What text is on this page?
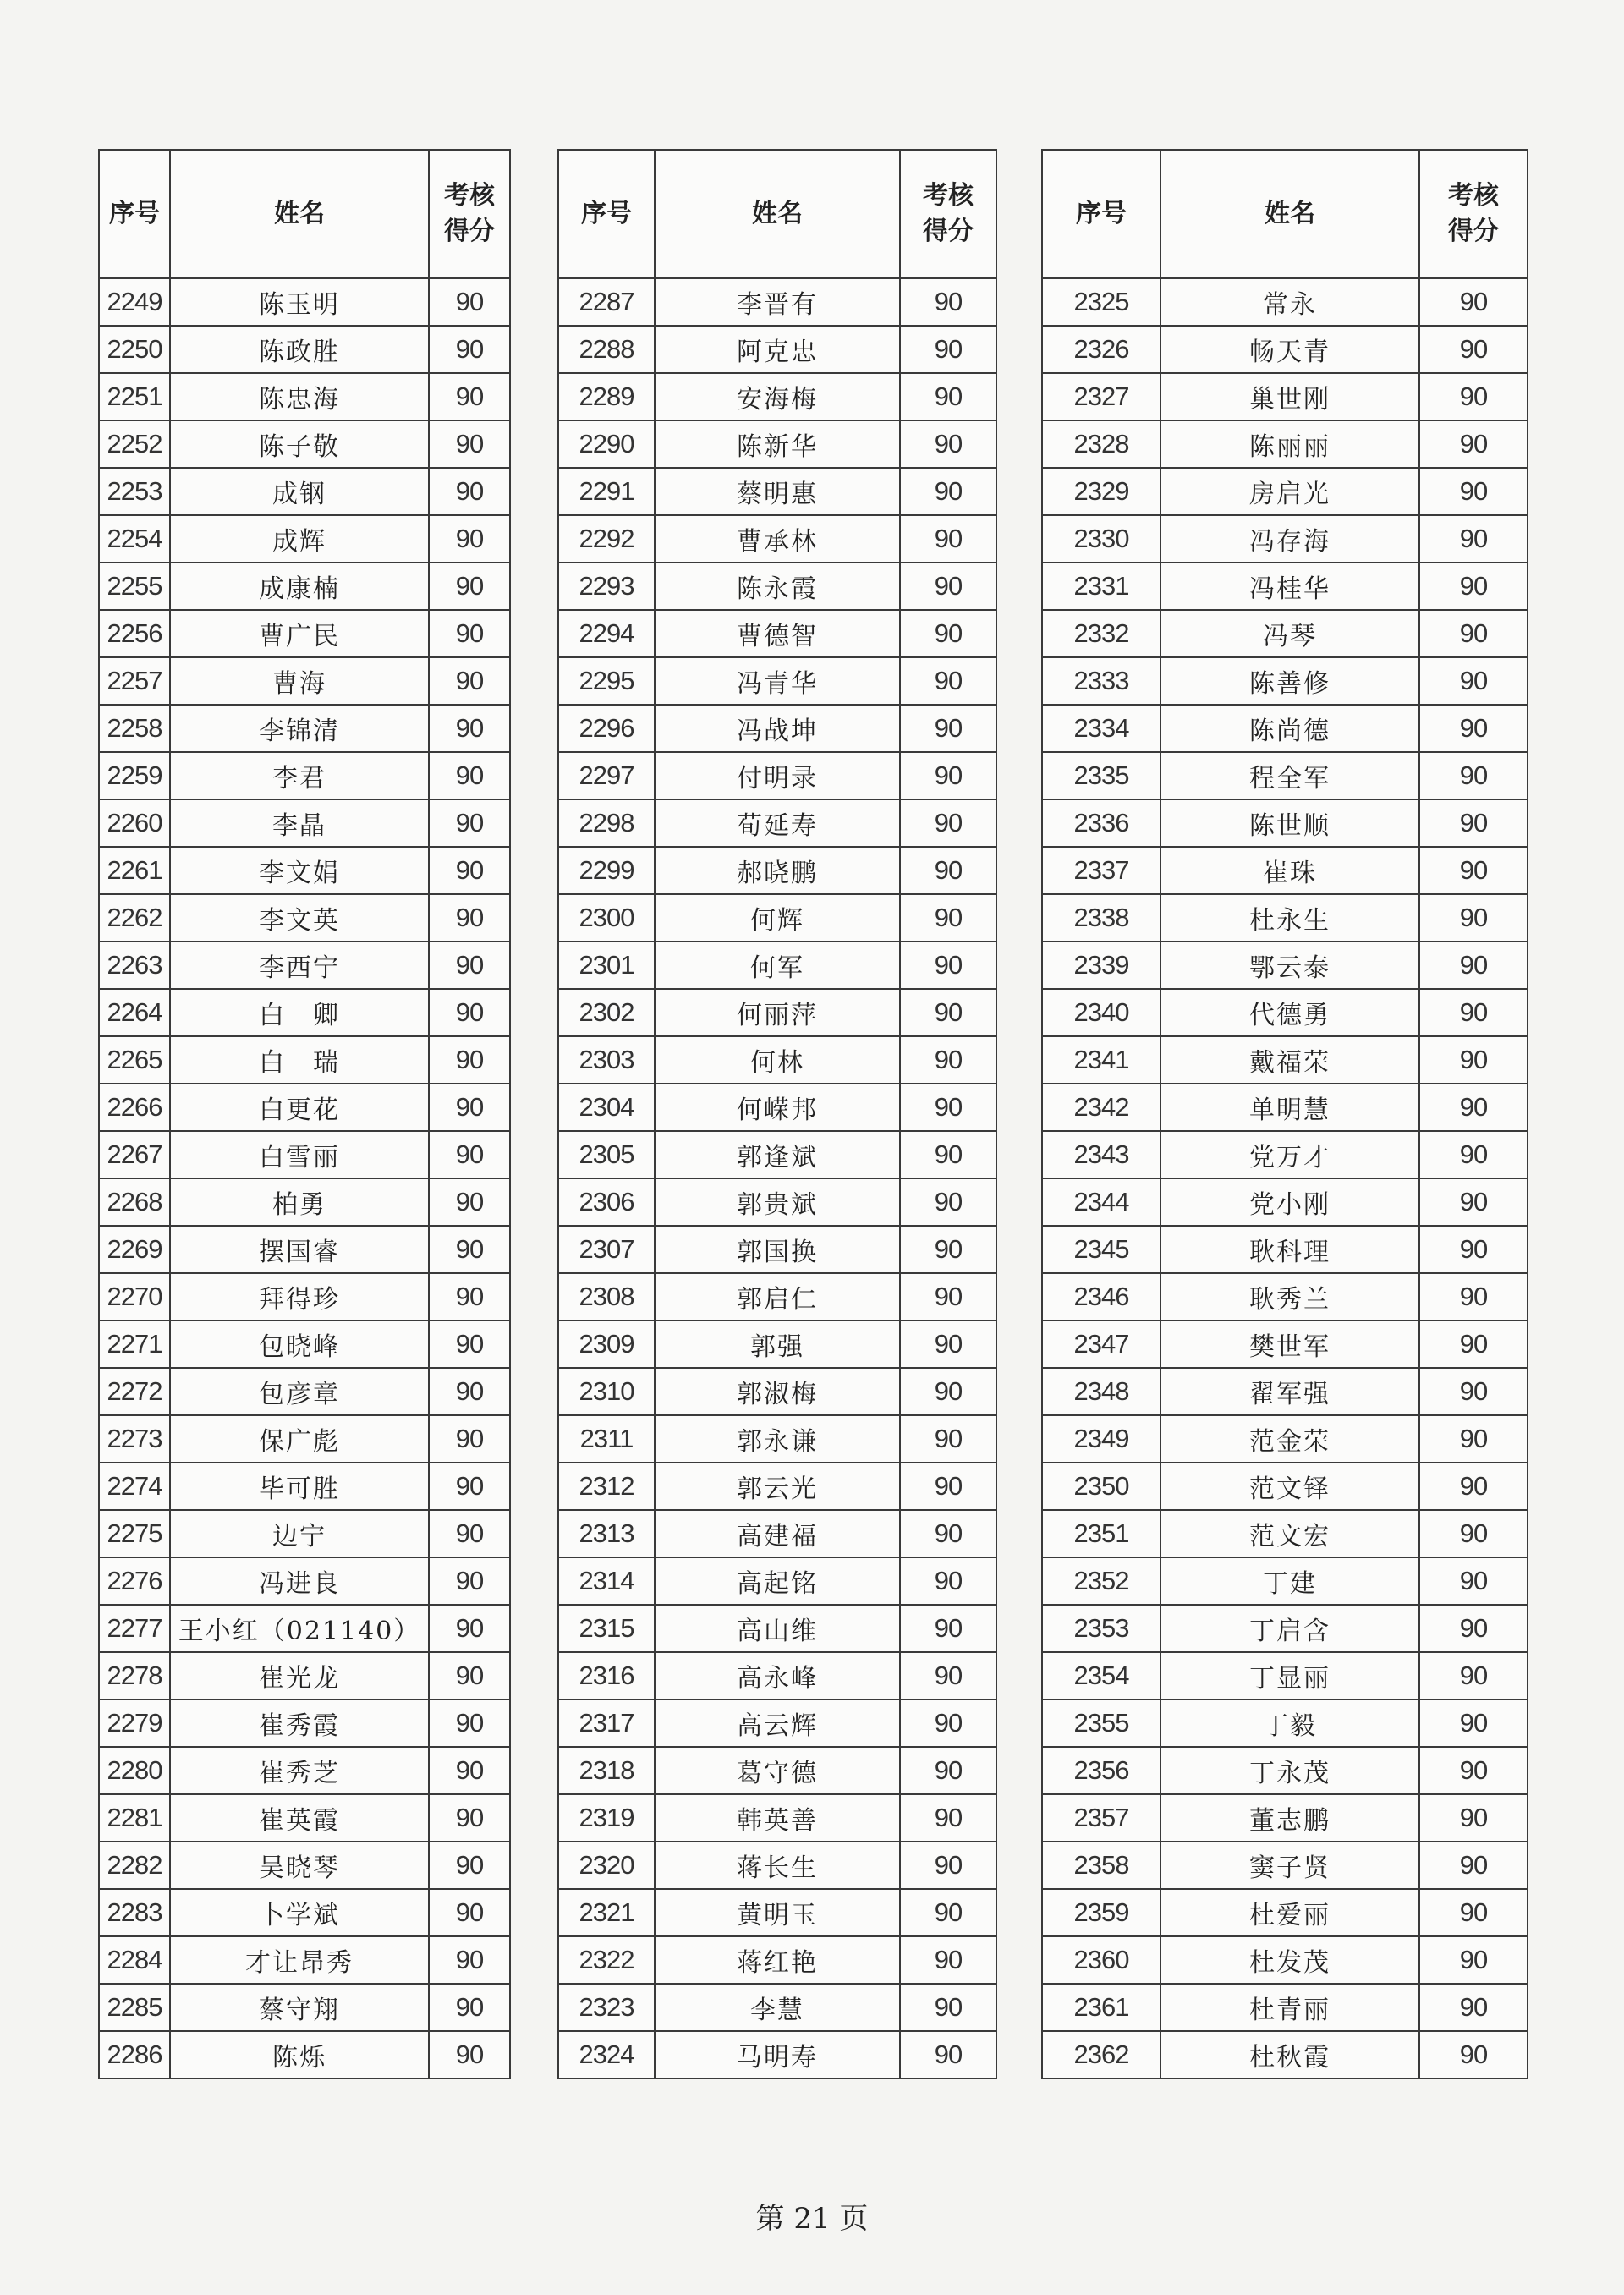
序号	姓名	考核
得分
2249	陈玉明	90
2250	陈政胜	90
2251	陈忠海	90
2252	陈子敬	90
2253	成钢	90
2254	成辉	90
2255	成康楠	90
2256	曹广民	90
2257	曹海	90
2258	李锦清	90
2259	李君	90
2260	李晶	90
2261	李文娟	90
2262	李文英	90
2263	李西宁	90
2264	白　卿	90
2265	白　瑞	90
2266	白更花	90
2267	白雪丽	90
2268	柏勇	90
2269	摆国睿	90
2270	拜得珍	90
2271	包晓峰	90
2272	包彦章	90
2273	保广彪	90
2274	毕可胜	90
2275	边宁	90
2276	冯进良	90
2277	王小红（021140）	90
2278	崔光龙	90
2279	崔秀霞	90
2280	崔秀芝	90
2281	崔英霞	90
2282	吴晓琴	90
2283	卜学斌	90
2284	才让昂秀	90
2285	蔡守翔	90
2286	陈烁	90
序号	姓名	考核
得分
2287	李晋有	90
2288	阿克忠	90
2289	安海梅	90
2290	陈新华	90
2291	蔡明惠	90
2292	曹承林	90
2293	陈永霞	90
2294	曹德智	90
2295	冯青华	90
2296	冯战坤	90
2297	付明录	90
2298	荀延寿	90
2299	郝晓鹏	90
2300	何辉	90
2301	何军	90
2302	何丽萍	90
2303	何林	90
2304	何嵘邦	90
2305	郭逢斌	90
2306	郭贵斌	90
2307	郭国换	90
2308	郭启仁	90
2309	郭强	90
2310	郭淑梅	90
2311	郭永谦	90
2312	郭云光	90
2313	高建福	90
2314	高起铭	90
2315	高山维	90
2316	高永峰	90
2317	高云辉	90
2318	葛守德	90
2319	韩英善	90
2320	蒋长生	90
2321	黄明玉	90
2322	蒋红艳	90
2323	李慧	90
2324	马明寿	90
序号	姓名	考核
得分
2325	常永	90
2326	畅天青	90
2327	巢世刚	90
2328	陈丽丽	90
2329	房启光	90
2330	冯存海	90
2331	冯桂华	90
2332	冯琴	90
2333	陈善修	90
2334	陈尚德	90
2335	程全军	90
2336	陈世顺	90
2337	崔珠	90
2338	杜永生	90
2339	鄂云泰	90
2340	代德勇	90
2341	戴福荣	90
2342	单明慧	90
2343	党万才	90
2344	党小刚	90
2345	耿科理	90
2346	耿秀兰	90
2347	樊世军	90
2348	翟军强	90
2349	范金荣	90
2350	范文铎	90
2351	范文宏	90
2352	丁建	90
2353	丁启含	90
2354	丁显丽	90
2355	丁毅	90
2356	丁永茂	90
2357	董志鹏	90
2358	窦子贤	90
2359	杜爱丽	90
2360	杜发茂	90
2361	杜青丽	90
2362	杜秋霞	90
第 21 页
